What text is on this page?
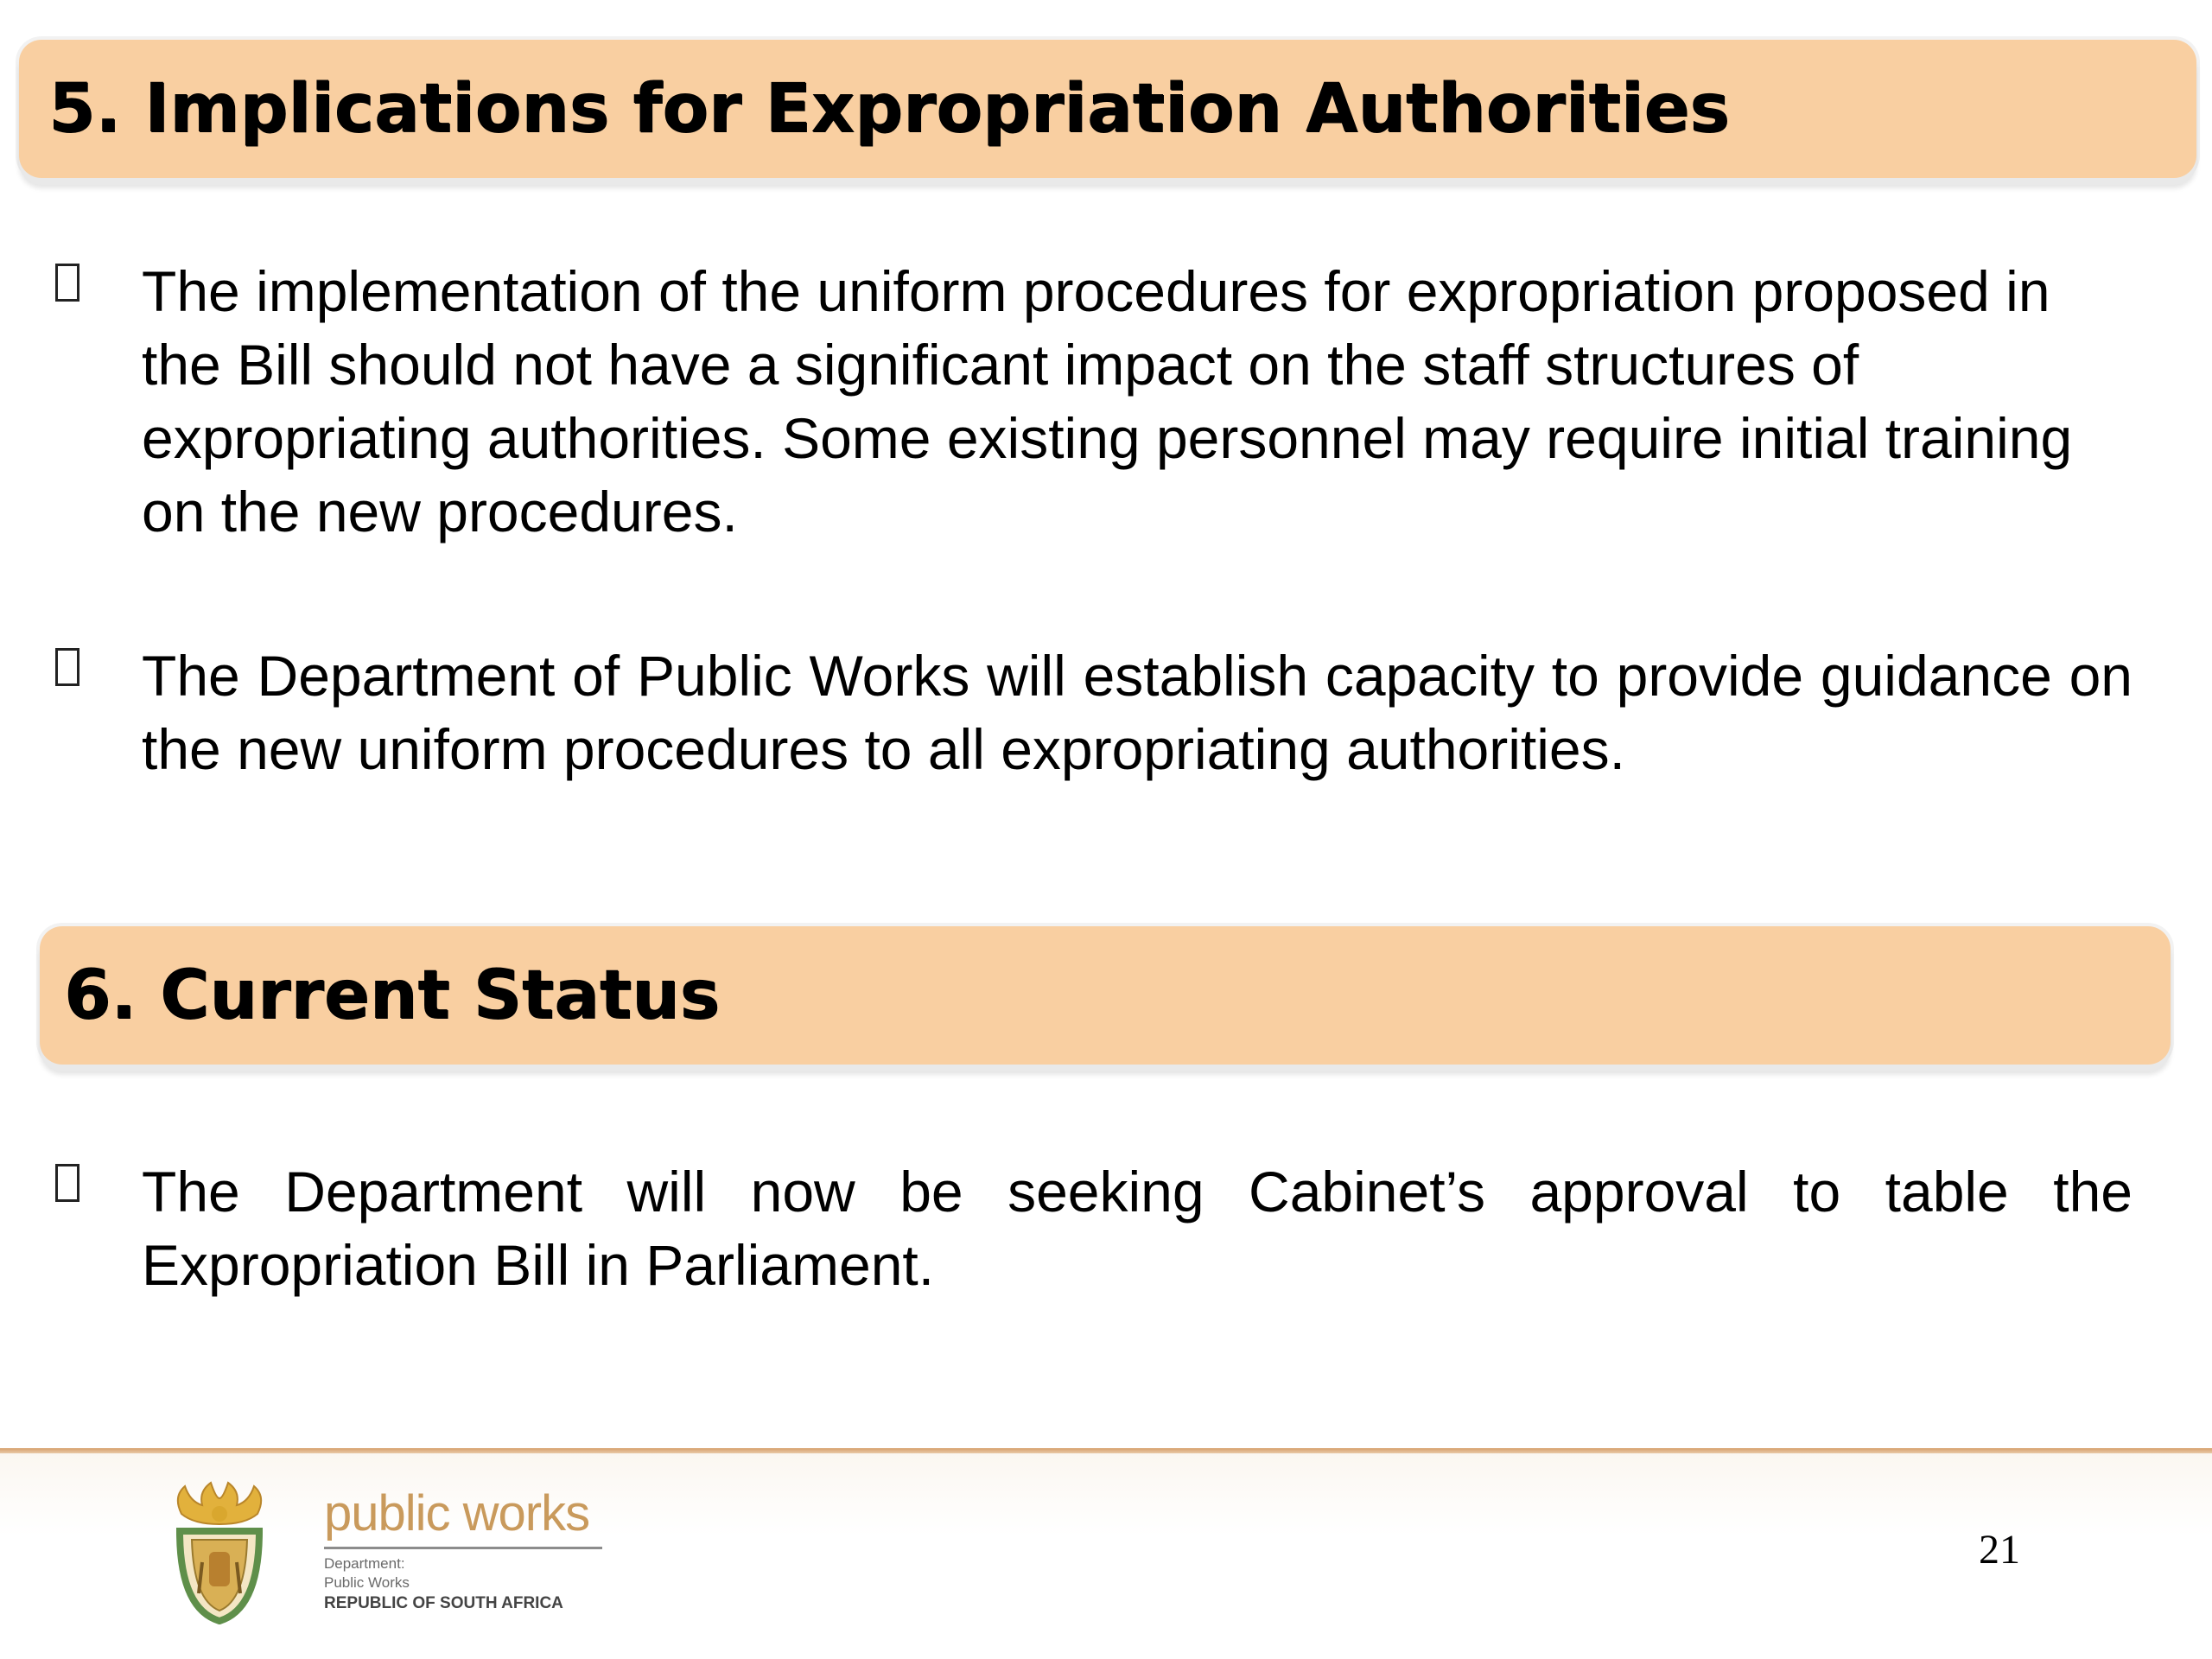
5. Implications for Expropriation Authorities
The implementation of the uniform procedures for expropriation proposed in the Bill should not have a significant impact on the staff structures of expropriating authorities. Some existing personnel may require initial training on the new procedures.
The Department of Public Works will establish capacity to provide guidance on the new uniform procedures to all expropriating authorities.
6. Current Status
The Department will now be seeking Cabinet’s approval to table the Expropriation Bill in Parliament.
public works
Department:
Public Works
REPUBLIC OF SOUTH AFRICA
21
